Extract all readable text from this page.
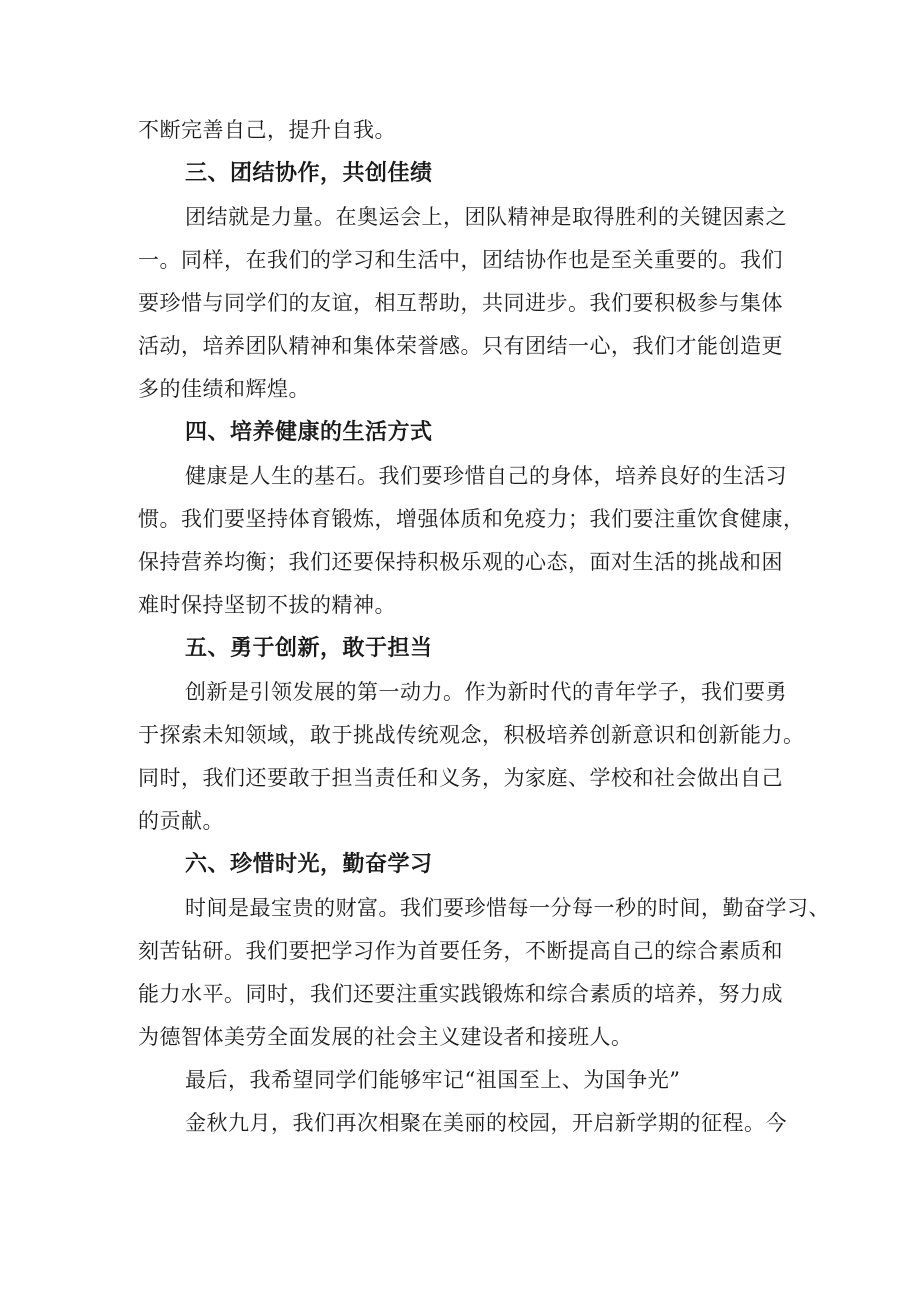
不断完善自己，提升自我。
三、团结协作，共创佳绩
团结就是力量。在奥运会上，团队精神是取得胜利的关键因素之
一。同样，在我们的学习和生活中，团结协作也是至关重要的。我们
要珍惜与同学们的友谊，相互帮助，共同进步。我们要积极参与集体
活动，培养团队精神和集体荣誉感。只有团结一心，我们才能创造更
多的佳绩和辉煌。
四、培养健康的生活方式
健康是人生的基石。我们要珍惜自己的身体，培养良好的生活习
惯。我们要坚持体育锻炼，增强体质和免疫力；我们要注重饮食健康，
保持营养均衡；我们还要保持积极乐观的心态，面对生活的挑战和困
难时保持坚韧不拔的精神。
五、勇于创新，敢于担当
创新是引领发展的第一动力。作为新时代的青年学子，我们要勇
于探索未知领域，敢于挑战传统观念，积极培养创新意识和创新能力。
同时，我们还要敢于担当责任和义务，为家庭、学校和社会做出自己
的贡献。
六、珍惜时光，勤奋学习
时间是最宝贵的财富。我们要珍惜每一分每一秒的时间，勤奋学习、
刻苦钻研。我们要把学习作为首要任务，不断提高自己的综合素质和
能力水平。同时，我们还要注重实践锻炼和综合素质的培养，努力成
为德智体美劳全面发展的社会主义建设者和接班人。
最后，我希望同学们能够牢记“祖国至上、为国争光”
金秋九月，我们再次相聚在美丽的校园，开启新学期的征程。今
